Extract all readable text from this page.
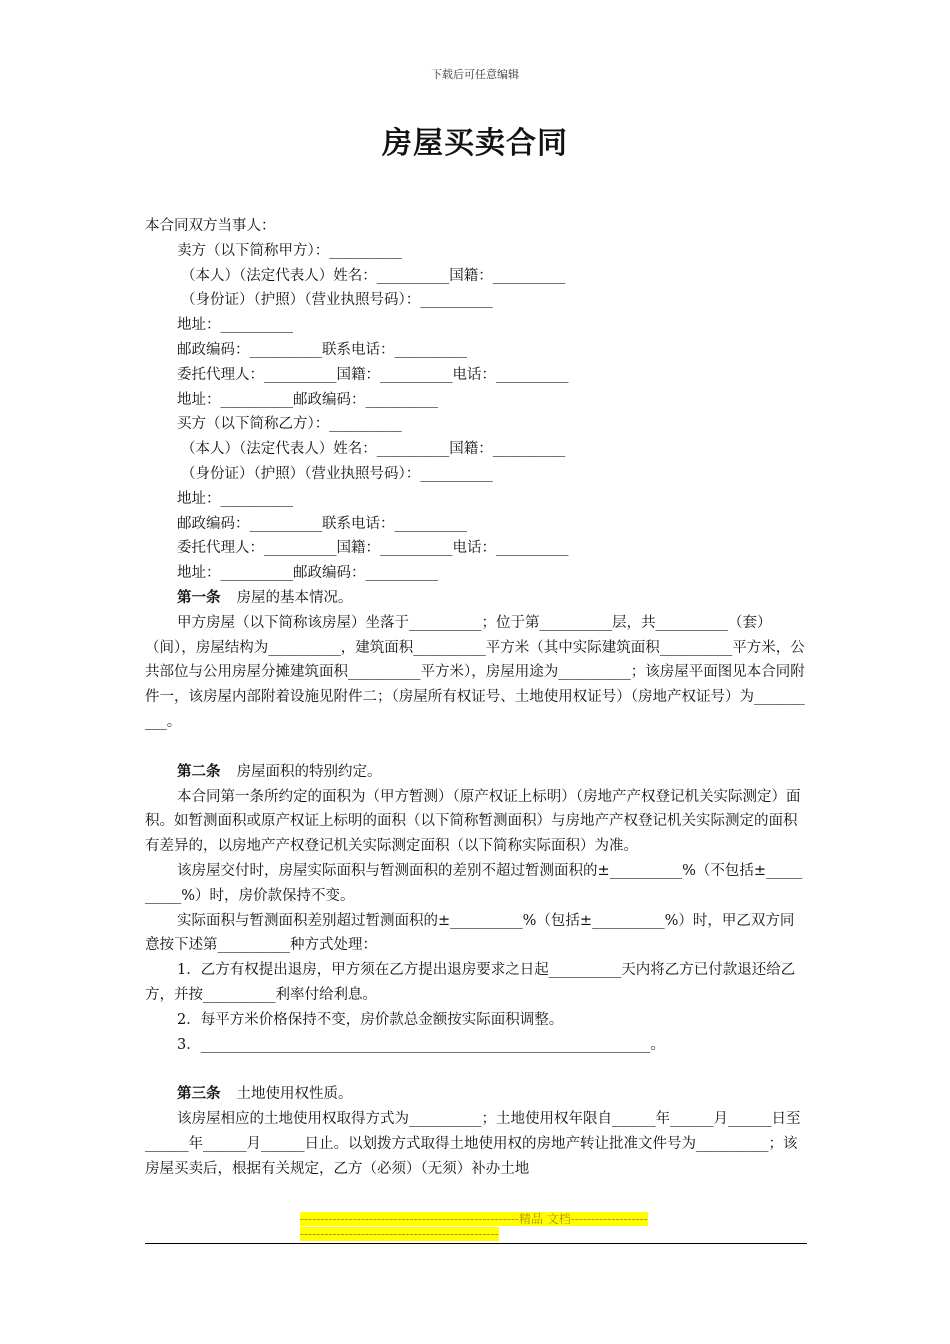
下载后可任意编辑
房屋买卖合同
本合同双方当事人：
卖方（以下简称甲方）：__________
（本人）（法定代表人）姓名：__________国籍：__________
（身份证）（护照）（营业执照号码）：__________
地址：__________
邮政编码：__________联系电话：__________
委托代理人：__________国籍：__________电话：__________
地址：__________邮政编码：__________
买方（以下简称乙方）：__________
（本人）（法定代表人）姓名：__________国籍：__________
（身份证）（护照）（营业执照号码）：__________
地址：__________
邮政编码：__________联系电话：__________
委托代理人：__________国籍：__________电话：__________
地址：__________邮政编码：__________
第一条 房屋的基本情况。
甲方房屋（以下简称该房屋）坐落于__________；位于第__________层，共__________（套）（间），房屋结构为__________，建筑面积__________平方米（其中实际建筑面积__________平方米，公共部位与公用房屋分摊建筑面积__________平方米），房屋用途为__________；该房屋平面图见本合同附件一，该房屋内部附着设施见附件二；（房屋所有权证号、土地使用权证号）（房地产权证号）为__________。
第二条 房屋面积的特别约定。
本合同第一条所约定的面积为（甲方暂测）（原产权证上标明）（房地产产权登记机关实际测定）面积。如暂测面积或原产权证上标明的面积（以下简称暂测面积）与房地产产权登记机关实际测定的面积有差异的，以房地产产权登记机关实际测定面积（以下简称实际面积）为准。
该房屋交付时，房屋实际面积与暂测面积的差别不超过暂测面积的±__________%（不包括±__________%）时，房价款保持不变。
实际面积与暂测面积差别超过暂测面积的±__________%（包括±__________%）时，甲乙双方同意按下述第__________种方式处理：
1．乙方有权提出退房，甲方须在乙方提出退房要求之日起__________天内将乙方已付款退还给乙方，并按__________利率付给利息。
2．每平方米价格保持不变，房价款总金额按实际面积调整。
3．______________________________________________________________。
第三条 土地使用权性质。
该房屋相应的土地使用权取得方式为__________；土地使用权年限自______年______月______日至______年______月______日止。以划拨方式取得土地使用权的房地产转让批准文件号为__________；该房屋买卖后，根据有关规定，乙方（必须）（无须）补办土地
------------------------------------------------------精品 文档--------------------------------------------------------------------
